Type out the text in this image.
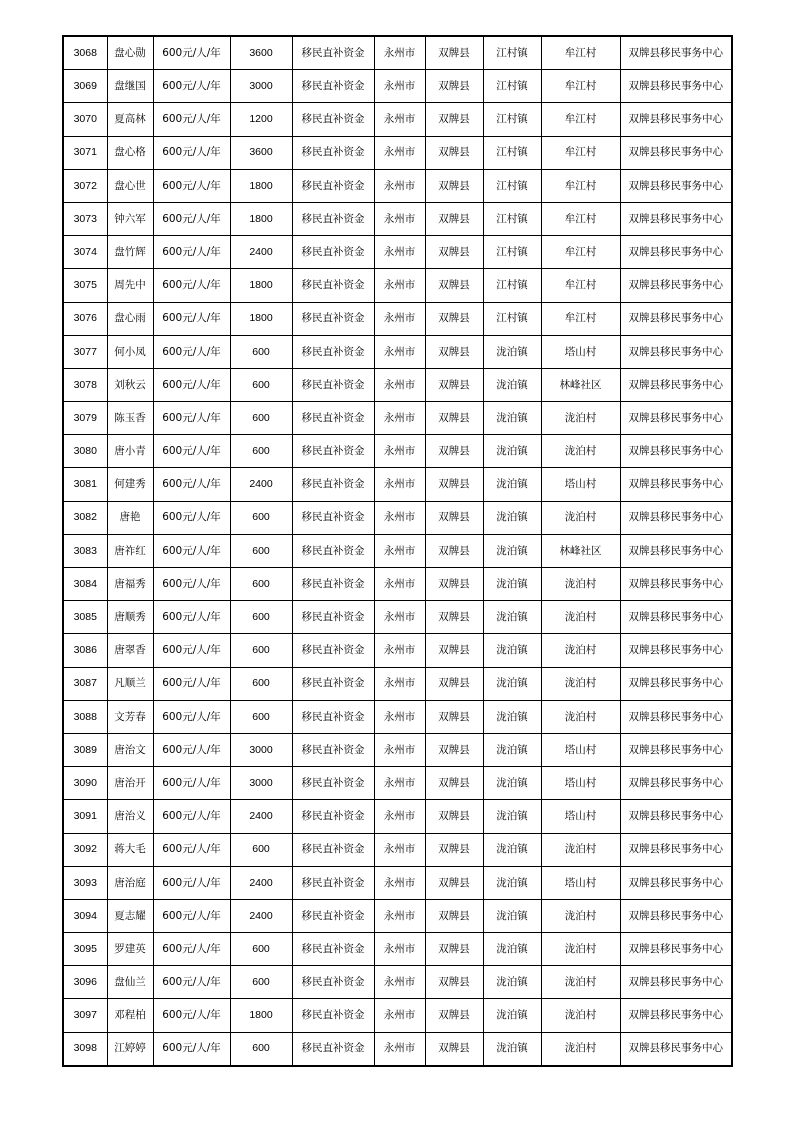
3068	盘心勋	600元/人/年	3600	移民直补资金	永州市	双牌县	江村镇	牟江村	双牌县移民事务中心
3069	盘继国	600元/人/年	3000	移民直补资金	永州市	双牌县	江村镇	牟江村	双牌县移民事务中心
3070	夏高林	600元/人/年	1200	移民直补资金	永州市	双牌县	江村镇	牟江村	双牌县移民事务中心
3071	盘心格	600元/人/年	3600	移民直补资金	永州市	双牌县	江村镇	牟江村	双牌县移民事务中心
3072	盘心世	600元/人/年	1800	移民直补资金	永州市	双牌县	江村镇	牟江村	双牌县移民事务中心
3073	钟六军	600元/人/年	1800	移民直补资金	永州市	双牌县	江村镇	牟江村	双牌县移民事务中心
3074	盘竹辉	600元/人/年	2400	移民直补资金	永州市	双牌县	江村镇	牟江村	双牌县移民事务中心
3075	周先中	600元/人/年	1800	移民直补资金	永州市	双牌县	江村镇	牟江村	双牌县移民事务中心
3076	盘心雨	600元/人/年	1800	移民直补资金	永州市	双牌县	江村镇	牟江村	双牌县移民事务中心
3077	何小凤	600元/人/年	600	移民直补资金	永州市	双牌县	泷泊镇	塔山村	双牌县移民事务中心
3078	刘秋云	600元/人/年	600	移民直补资金	永州市	双牌县	泷泊镇	林峰社区	双牌县移民事务中心
3079	陈玉香	600元/人/年	600	移民直补资金	永州市	双牌县	泷泊镇	泷泊村	双牌县移民事务中心
3080	唐小青	600元/人/年	600	移民直补资金	永州市	双牌县	泷泊镇	泷泊村	双牌县移民事务中心
3081	何建秀	600元/人/年	2400	移民直补资金	永州市	双牌县	泷泊镇	塔山村	双牌县移民事务中心
3082	唐艳	600元/人/年	600	移民直补资金	永州市	双牌县	泷泊镇	泷泊村	双牌县移民事务中心
3083	唐祚红	600元/人/年	600	移民直补资金	永州市	双牌县	泷泊镇	林峰社区	双牌县移民事务中心
3084	唐福秀	600元/人/年	600	移民直补资金	永州市	双牌县	泷泊镇	泷泊村	双牌县移民事务中心
3085	唐顺秀	600元/人/年	600	移民直补资金	永州市	双牌县	泷泊镇	泷泊村	双牌县移民事务中心
3086	唐翠香	600元/人/年	600	移民直补资金	永州市	双牌县	泷泊镇	泷泊村	双牌县移民事务中心
3087	凡顺兰	600元/人/年	600	移民直补资金	永州市	双牌县	泷泊镇	泷泊村	双牌县移民事务中心
3088	文芳春	600元/人/年	600	移民直补资金	永州市	双牌县	泷泊镇	泷泊村	双牌县移民事务中心
3089	唐治文	600元/人/年	3000	移民直补资金	永州市	双牌县	泷泊镇	塔山村	双牌县移民事务中心
3090	唐治开	600元/人/年	3000	移民直补资金	永州市	双牌县	泷泊镇	塔山村	双牌县移民事务中心
3091	唐治义	600元/人/年	2400	移民直补资金	永州市	双牌县	泷泊镇	塔山村	双牌县移民事务中心
3092	蒋大毛	600元/人/年	600	移民直补资金	永州市	双牌县	泷泊镇	泷泊村	双牌县移民事务中心
3093	唐治庭	600元/人/年	2400	移民直补资金	永州市	双牌县	泷泊镇	塔山村	双牌县移民事务中心
3094	夏志耀	600元/人/年	2400	移民直补资金	永州市	双牌县	泷泊镇	泷泊村	双牌县移民事务中心
3095	罗建英	600元/人/年	600	移民直补资金	永州市	双牌县	泷泊镇	泷泊村	双牌县移民事务中心
3096	盘仙兰	600元/人/年	600	移民直补资金	永州市	双牌县	泷泊镇	泷泊村	双牌县移民事务中心
3097	邓程柏	600元/人/年	1800	移民直补资金	永州市	双牌县	泷泊镇	泷泊村	双牌县移民事务中心
3098	江婷婷	600元/人/年	600	移民直补资金	永州市	双牌县	泷泊镇	泷泊村	双牌县移民事务中心
